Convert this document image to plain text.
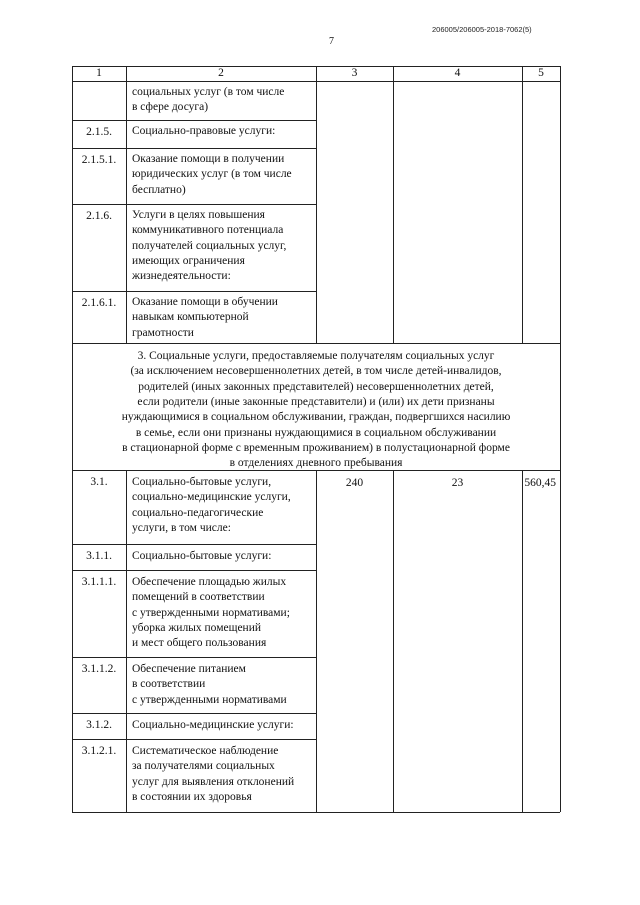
206005/206005-2018-7062(5)
7
1	2	3	4	5
социальных услуг (в том числе
в сфере досуга)
2.1.5.	Социально-правовые услуги:
2.1.5.1.	Оказание помощи в получении
юридических услуг (в том числе
бесплатно)
2.1.6.	Услуги в целях повышения
коммуникативного потенциала
получателей социальных услуг,
имеющих ограничения
жизнедеятельности:
2.1.6.1.	Оказание помощи в обучении
навыкам компьютерной
грамотности
3. Социальные услуги, предоставляемые получателям социальных услуг
(за исключением несовершеннолетних детей, в том числе детей-инвалидов,
родителей (иных законных представителей) несовершеннолетних детей,
если родители (иные законные представители) и (или) их дети признаны
нуждающимися в социальном обслуживании, граждан, подвергшихся насилию
в семье, если они признаны нуждающимися в социальном обслуживании
в стационарной форме с временным проживанием) в полустационарной форме
в отделениях дневного пребывания
3.1.	Социально-бытовые услуги,
социально-медицинские услуги,
социально-педагогические
услуги, в том числе:
240	23	560,45
3.1.1.	Социально-бытовые услуги:
3.1.1.1.	Обеспечение площадью жилых
помещений в соответствии
с утвержденными нормативами;
уборка жилых помещений
и мест общего пользования
3.1.1.2.	Обеспечение питанием
в соответствии
с утвержденными нормативами
3.1.2.	Социально-медицинские услуги:
3.1.2.1.	Систематическое наблюдение
за получателями социальных
услуг для выявления отклонений
в состоянии их здоровья
